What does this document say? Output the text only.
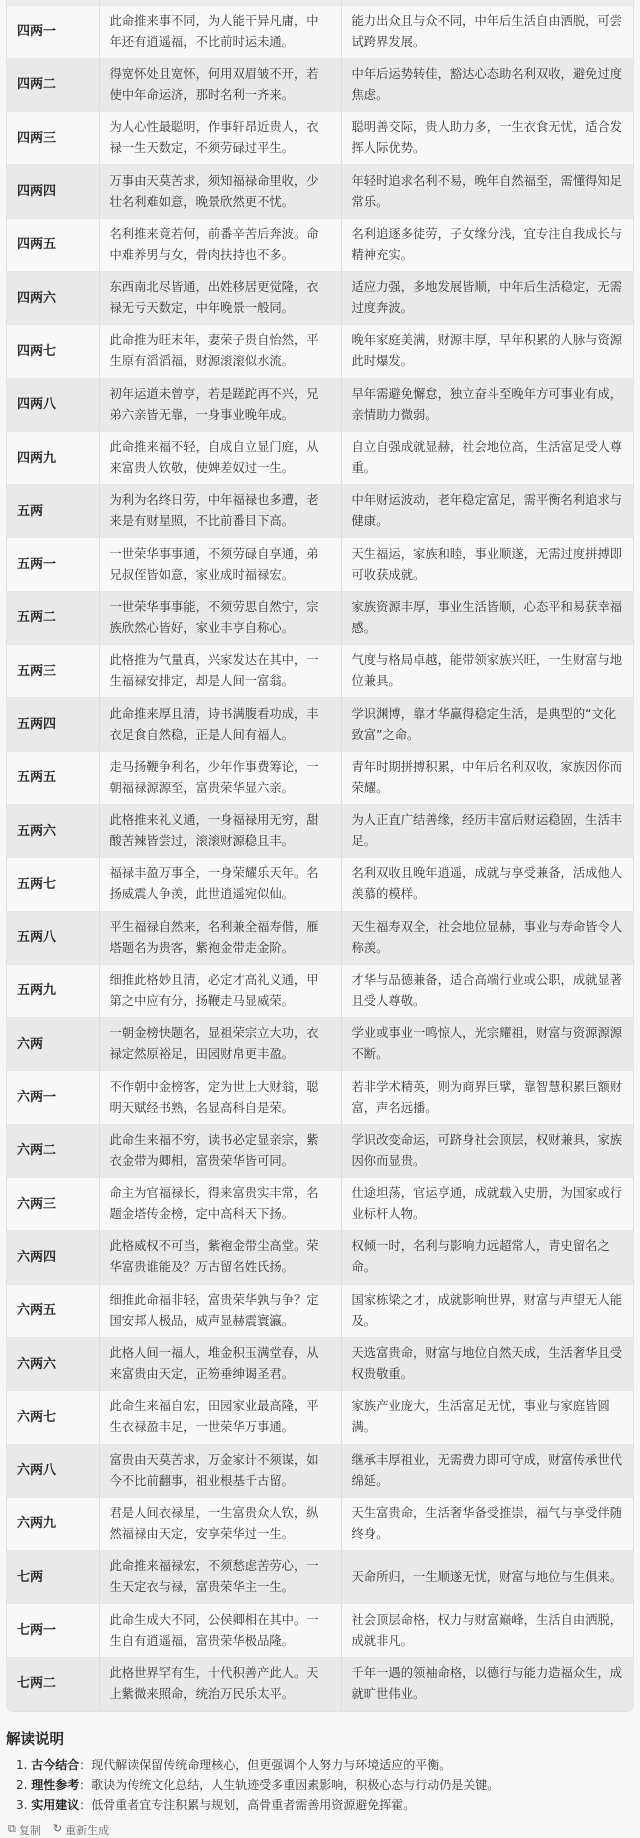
四两一	此命推来事不同，为人能干异凡庸，中年还有逍遥福，不比前时运未通。	能力出众且与众不同，中年后生活自由洒脱，可尝试跨界发展。
四两二	得宽怀处且宽怀，何用双眉皱不开，若使中年命运济，那时名利一齐来。	中年后运势转佳，豁达心态助名利双收，避免过度焦虑。
四两三	为人心性最聪明，作事轩昂近贵人，衣禄一生天数定，不须劳碌过平生。	聪明善交际，贵人助力多，一生衣食无忧，适合发挥人际优势。
四两四	万事由天莫苦求，须知福禄命里收，少壮名利难如意，晚景欣然更不忧。	年轻时追求名利不易，晚年自然福至，需懂得知足常乐。
四两五	名利推来竟若何，前番辛苦后奔波。命中难养男与女，骨肉扶持也不多。	名利追逐多徒劳，子女缘分浅，宜专注自我成长与精神充实。
四两六	东西南北尽皆通，出姓移居更觉隆，衣禄无亏天数定，中年晚景一般同。	适应力强，多地发展皆顺，中年后生活稳定，无需过度奔波。
四两七	此命推为旺末年，妻荣子贵自怡然，平生原有滔滔福，财源滚滚似水流。	晚年家庭美满，财源丰厚，早年积累的人脉与资源此时爆发。
四两八	初年运道未曾亨，若是蹉跎再不兴，兄弟六亲皆无靠，一身事业晚年成。	早年需避免懈怠，独立奋斗至晚年方可事业有成，亲情助力微弱。
四两九	此命推来福不轻，自成自立显门庭，从来富贵人钦敬，使婢差奴过一生。	自立自强成就显赫，社会地位高，生活富足受人尊重。
五两	为利为名终日劳，中年福禄也多遭，老来是有财星照，不比前番目下高。	中年财运波动，老年稳定富足，需平衡名利追求与健康。
五两一	一世荣华事事通，不须劳碌自享通，弟兄叔侄皆如意，家业成时福禄宏。	天生福运，家族和睦，事业顺遂，无需过度拼搏即可收获成就。
五两二	一世荣华事事能，不须劳思自然宁，宗族欣然心皆好，家业丰亨自称心。	家族资源丰厚，事业生活皆顺，心态平和易获幸福感。
五两三	此格推为气量真，兴家发达在其中，一生福禄安排定，却是人间一富翁。	气度与格局卓越，能带领家族兴旺，一生财富与地位兼具。
五两四	此命推来厚且清，诗书满腹看功成，丰衣足食自然稳，正是人间有福人。	学识渊博，靠才华赢得稳定生活，是典型的“文化致富”之命。
五两五	走马扬鞭争利名，少年作事费筹论，一朝福禄源源至，富贵荣华显六亲。	青年时期拼搏积累，中年后名利双收，家族因你而荣耀。
五两六	此格推来礼义通，一身福禄用无穷，甜酸苦辣皆尝过，滚滚财源稳且丰。	为人正直广结善缘，经历丰富后财运稳固，生活丰足。
五两七	福禄丰盈万事全，一身荣耀乐天年。名扬威震人争羡，此世逍遥宛似仙。	名利双收且晚年逍遥，成就与享受兼备，活成他人羡慕的模样。
五两八	平生福禄自然来，名利兼全福寿偕，雁塔题名为贵客，紫袍金带走金阶。	天生福寿双全，社会地位显赫，事业与寿命皆令人称羡。
五两九	细推此格妙且清，必定才高礼义通，甲第之中应有分，扬鞭走马显威荣。	才华与品德兼备，适合高端行业或公职，成就显著且受人尊敬。
六两	一朝金榜快题名，显祖荣宗立大功，衣禄定然原裕足，田园财帛更丰盈。	学业或事业一鸣惊人，光宗耀祖，财富与资源源源不断。
六两一	不作朝中金榜客，定为世上大财翁，聪明天赋经书熟，名显高科自是荣。	若非学术精英，则为商界巨擘，靠智慧积累巨额财富，声名远播。
六两二	此命生来福不穷，读书必定显亲宗，紫衣金带为卿相，富贵荣华皆可同。	学识改变命运，可跻身社会顶层，权财兼具，家族因你而显贵。
六两三	命主为官福禄长，得来富贵实丰常，名题金塔传金榜，定中高科天下扬。	仕途坦荡，官运亨通，成就载入史册，为国家或行业标杆人物。
六两四	此格威权不可当，紫袍金带尘高堂。荣华富贵谁能及？万古留名姓氏扬。	权倾一时，名利与影响力远超常人，青史留名之命。
六两五	细推此命福非轻，富贵荣华孰与争？定国安邦人极品，威声显赫震寰瀛。	国家栋梁之才，成就影响世界，财富与声望无人能及。
六两六	此格人间一福人，堆金积玉满堂春，从来富贵由天定，正笏垂绅谒圣君。	天选富贵命，财富与地位自然天成，生活奢华且受权贵敬重。
六两七	此命生来福自宏，田园家业最高隆，平生衣禄盈丰足，一世荣华万事通。	家族产业庞大，生活富足无忧，事业与家庭皆圆满。
六两八	富贵由天莫苦求，万金家计不须谋，如今不比前翻事，祖业根基千古留。	继承丰厚祖业，无需费力即可守成，财富传承世代绵延。
六两九	君是人间衣禄星，一生富贵众人钦，纵然福禄由天定，安享荣华过一生。	天生富贵命，生活奢华备受推崇，福气与享受伴随终身。
七两	此命推来福禄宏，不须愁虑苦劳心，一生天定衣与禄，富贵荣华主一生。	天命所归，一生顺遂无忧，财富与地位与生俱来。
七两一	此命生成大不同，公侯卿相在其中。一生自有逍遥福，富贵荣华极品隆。	社会顶层命格，权力与财富巅峰，生活自由洒脱，成就非凡。
七两二	此格世界罕有生，十代积善产此人。天上紫微来照命，统治万民乐太平。	千年一遇的领袖命格，以德行与能力造福众生，成就旷世伟业。
解读说明
1. 古今结合：现代解读保留传统命理核心，但更强调个人努力与环境适应的平衡。
2. 理性参考：歌诀为传统文化总结，人生轨迹受多重因素影响，积极心态与行动仍是关键。
3. 实用建议：低骨重者宜专注积累与规划，高骨重者需善用资源避免挥霍。
⧉ 复制 ↻ 重新生成
